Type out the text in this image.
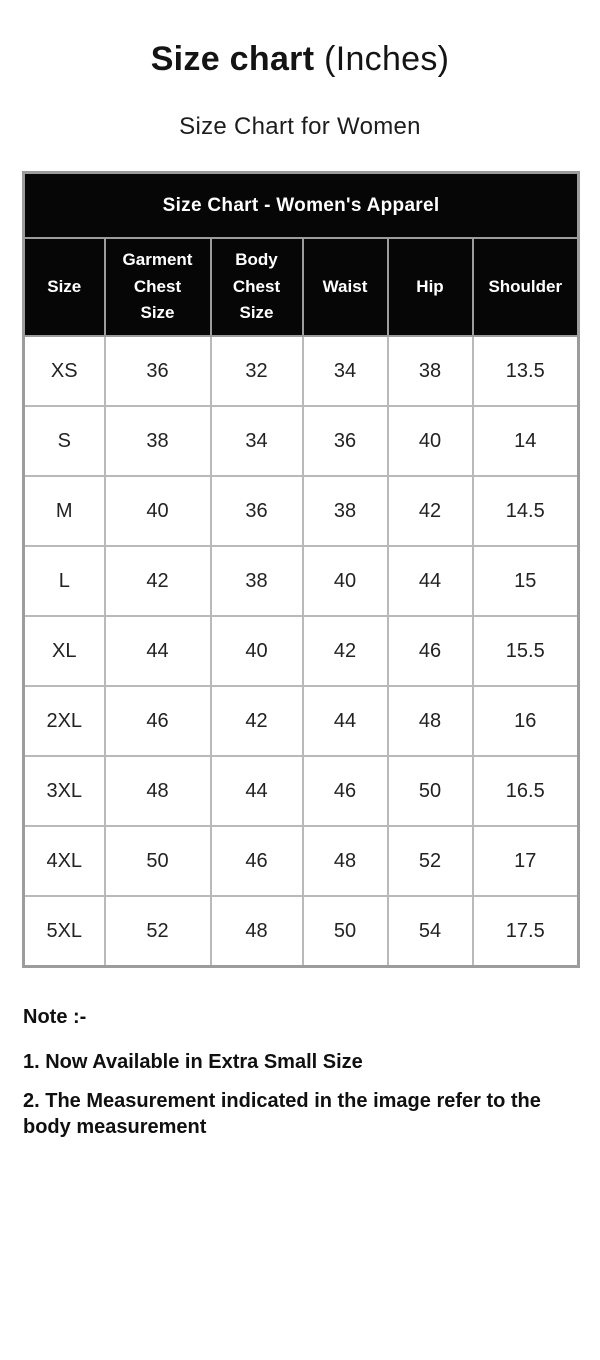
Size chart (Inches)
Size Chart for Women
Size Chart - Women's Apparel					
Size	Garment Chest Size	Body Chest Size	Waist	Hip	Shoulder
XS	36	32	34	38	13.5
S	38	34	36	40	14
M	40	36	38	42	14.5
L	42	38	40	44	15
XL	44	40	42	46	15.5
2XL	46	42	44	48	16
3XL	48	44	46	50	16.5
4XL	50	46	48	52	17
5XL	52	48	50	54	17.5
Note :-
1. Now Available in Extra Small Size
2. The Measurement indicated in the image refer to the body measurement
